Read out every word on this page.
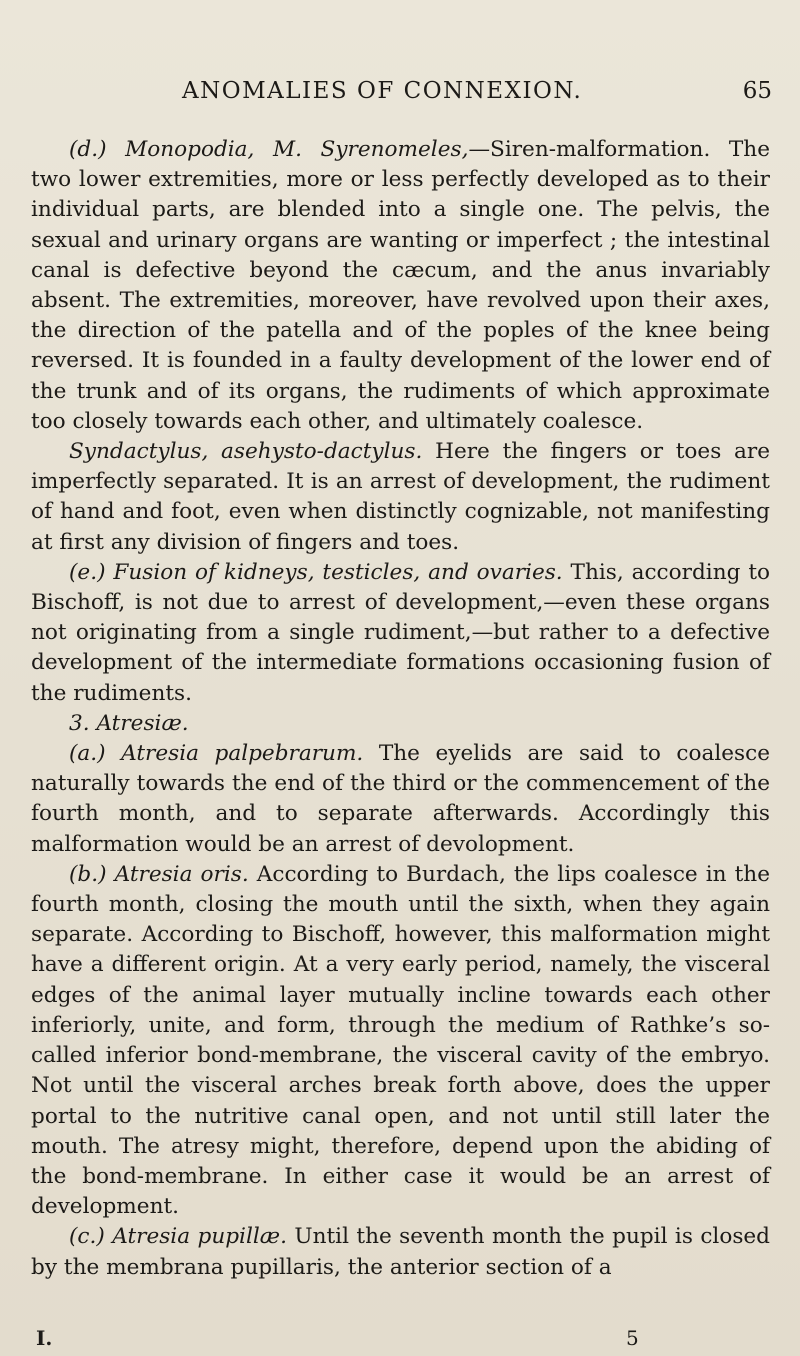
ANOMALIES OF CONNEXION.	65

(d.) Monopodia, M. Syrenomeles,—Siren-malformation. The two lower extremities, more or less perfectly developed as to their individual parts, are blended into a single one. The pelvis, the sexual and urinary organs are wanting or imperfect ; the intestinal canal is defective beyond the cæcum, and the anus invariably absent. The extremities, moreover, have revolved upon their axes, the direction of the patella and of the poples of the knee being reversed. It is founded in a faulty development of the lower end of the trunk and of its organs, the rudiments of which approximate too closely towards each other, and ultimately coalesce.

Syndactylus, asehysto-dactylus. Here the fingers or toes are imperfectly separated. It is an arrest of development, the rudiment of hand and foot, even when distinctly cognizable, not manifesting at first any division of fingers and toes.

(e.) Fusion of kidneys, testicles, and ovaries. This, according to Bischoff, is not due to arrest of development,—even these organs not originating from a single rudiment,—but rather to a defective development of the intermediate formations occasioning fusion of the rudiments.

3. Atresiæ.

(a.) Atresia palpebrarum. The eyelids are said to coalesce naturally towards the end of the third or the commencement of the fourth month, and to separate afterwards. Accordingly this malformation would be an arrest of devolopment.

(b.) Atresia oris. According to Burdach, the lips coalesce in the fourth month, closing the mouth until the sixth, when they again separate. According to Bischoff, however, this malformation might have a different origin. At a very early period, namely, the visceral edges of the animal layer mutually incline towards each other inferiorly, unite, and form, through the medium of Rathke’s so-called inferior bond-membrane, the visceral cavity of the embryo. Not until the visceral arches break forth above, does the upper portal to the nutritive canal open, and not until still later the mouth. The atresy might, therefore, depend upon the abiding of the bond-membrane. In either case it would be an arrest of development.

(c.) Atresia pupillæ. Until the seventh month the pupil is closed by the membrana pupillaris, the anterior section of a

I.	5
